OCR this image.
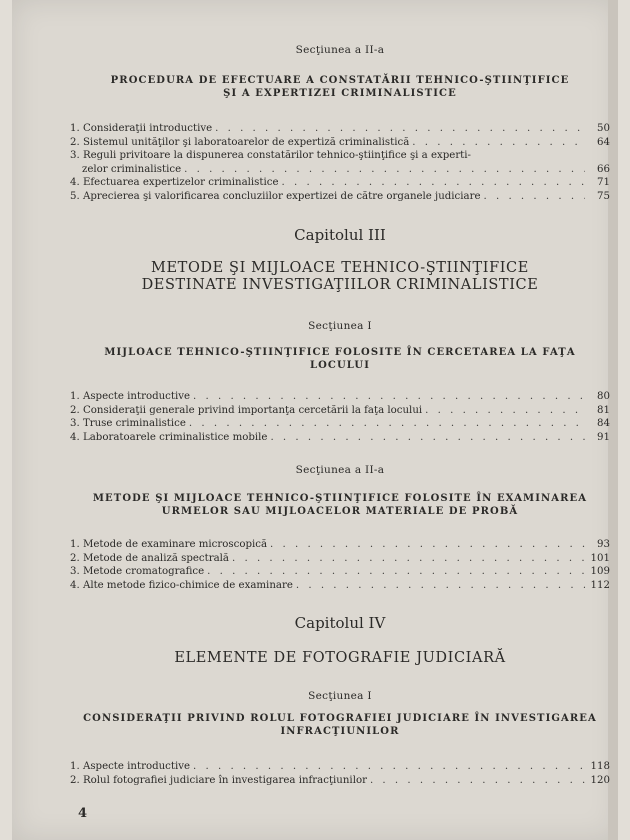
Secţiunea a II-a
PROCEDURA DE EFECTUARE A CONSTATĂRII TEHNICO-ŞTIINŢIFICE
ŞI A EXPERTIZEI CRIMINALISTICE
1. Consideraţii introductive . . .	50
2. Sistemul unităţilor şi laboratoarelor de expertiză criminalistică . . .	64
3. Reguli privitoare la dispunerea constatărilor tehnico-ştiinţifice şi a experti-
zelor criminalistice . . .	66
4. Efectuarea expertizelor criminalistice . . .	71
5. Aprecierea şi valorificarea concluziilor expertizei de către organele judiciare . . .	75
Capitolul III
METODE ŞI MIJLOACE TEHNICO-ŞTIINŢIFICE
DESTINATE INVESTIGAŢIILOR CRIMINALISTICE
Secţiunea I
MIJLOACE TEHNICO-ŞTIINŢIFICE FOLOSITE ÎN CERCETAREA LA FAŢA
LOCULUI
1. Aspecte introductive . . .	80
2. Consideraţii generale privind importanţa cercetării la faţa locului . . .	81
3. Truse criminalistice . . .	84
4. Laboratoarele criminalistice mobile . . .	91
Secţiunea a II-a
METODE ŞI MIJLOACE TEHNICO-ŞTIINŢIFICE FOLOSITE ÎN EXAMINAREA
URMELOR SAU MIJLOACELOR MATERIALE DE PROBĂ
1. Metode de examinare microscopică . . .	93
2. Metode de analiză spectrală . . .	101
3. Metode cromatografice . . .	109
4. Alte metode fizico-chimice de examinare . . .	112
Capitolul IV
ELEMENTE DE FOTOGRAFIE JUDICIARĂ
Secţiunea I
CONSIDERAŢII PRIVIND ROLUL FOTOGRAFIEI JUDICIARE ÎN INVESTIGAREA
INFRACŢIUNILOR
1. Aspecte introductive . . .	118
2. Rolul fotografiei judiciare în investigarea infracţiunilor . . .	120
4
